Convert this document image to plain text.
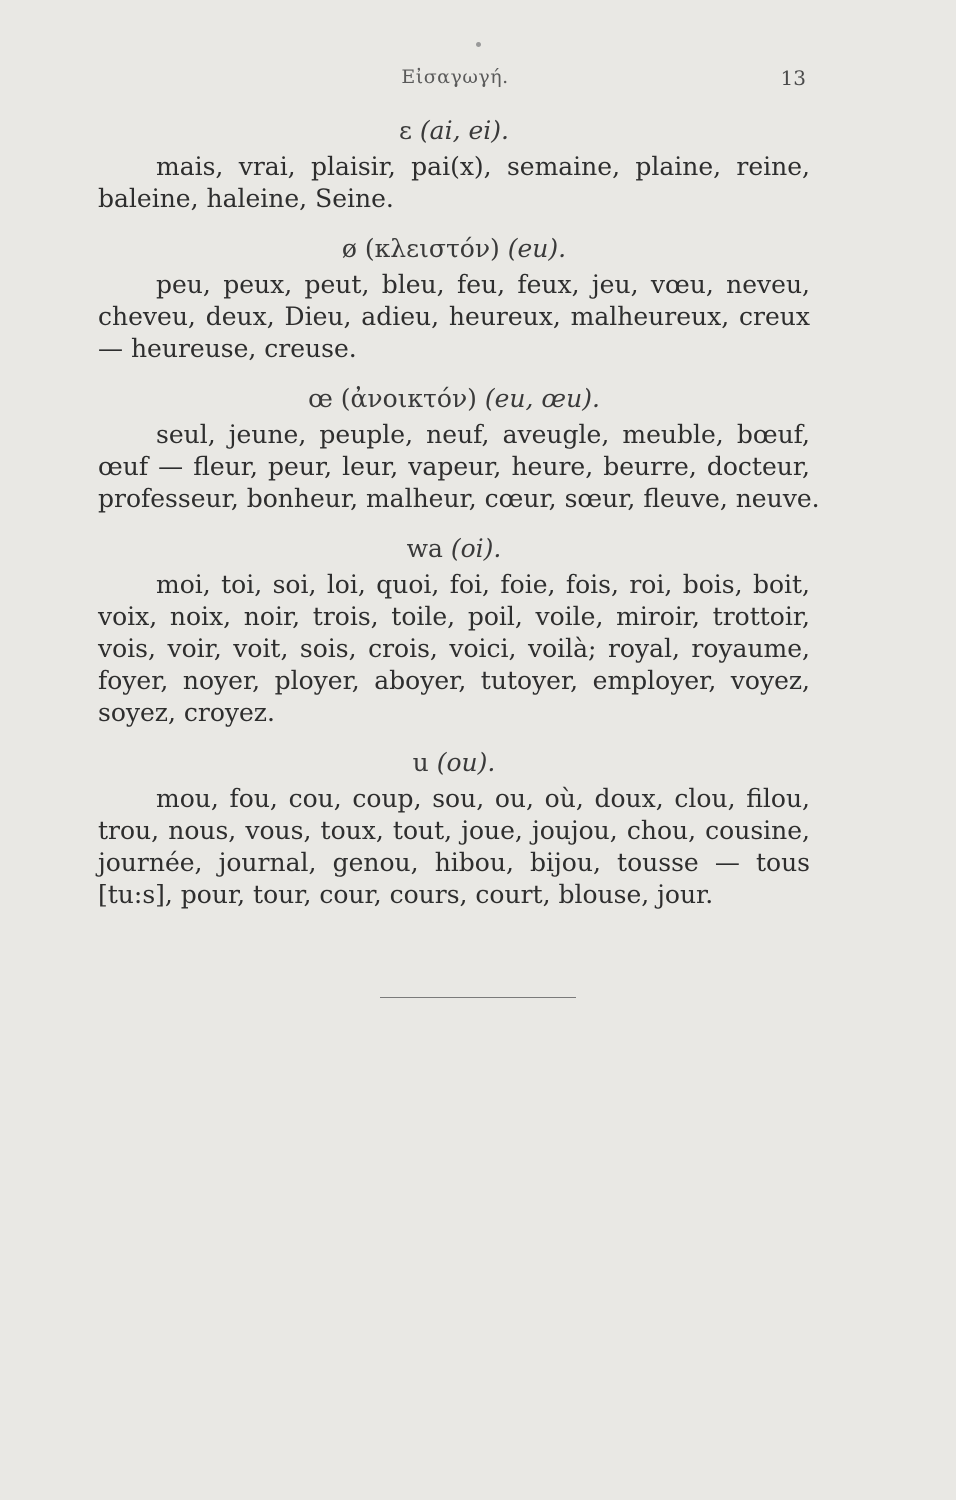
Εἰσαγωγή.	13
ε (ai, ei).
mais, vrai, plaisir, pai(x), semaine, plaine, reine,
baleine, haleine, Seine.
ø (κλειστόν) (eu).
peu, peux, peut, bleu, feu, feux, jeu, vœu, neveu,
cheveu, deux, Dieu, adieu, heureux, malheureux, creux
— heureuse, creuse.
œ (ἀνοικτόν) (eu, œu).
seul, jeune, peuple, neuf, aveugle, meuble, bœuf,
œuf — fleur, peur, leur, vapeur, heure, beurre, docteur,
professeur, bonheur, malheur, cœur, sœur, fleuve, neuve.
wa (oi).
moi, toi, soi, loi, quoi, foi, foie, fois, roi, bois, boit,
voix, noix, noir, trois, toile, poil, voile, miroir, trottoir,
vois, voir, voit, sois, crois, voici, voilà; royal, royaume,
foyer, noyer, ployer, aboyer, tutoyer, employer, voyez,
soyez, croyez.
u (ou).
mou, fou, cou, coup, sou, ou, où, doux, clou, filou,
trou, nous, vous, toux, tout, joue, joujou, chou, cousine,
journée, journal, genou, hibou, bijou, tousse — tous
[tu:s], pour, tour, cour, cours, court, blouse, jour.
